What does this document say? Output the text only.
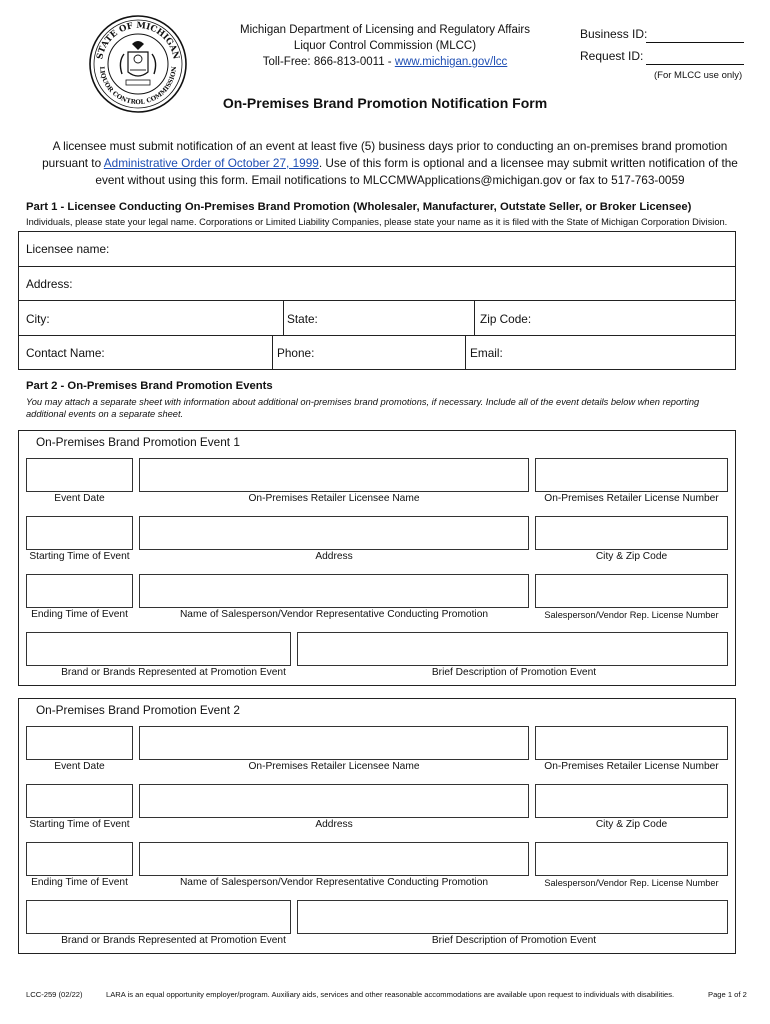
STATE OF MICHIGAN
LIQUOR CONTROL COMMISSION
Michigan Department of Licensing and Regulatory Affairs
Liquor Control Commission (MLCC)
Toll-Free: 866-813-0011 - www.michigan.gov/lcc
Business ID:
Request ID:
(For MLCC use only)
On-Premises Brand Promotion Notification Form
A licensee must submit notification of an event at least five (5) business days prior to conducting an on-premises brand promotion pursuant to Administrative Order of October 27, 1999. Use of this form is optional and a licensee may submit written notification of the event without using this form. Email notifications to MLCCMWApplications@michigan.gov or fax to 517-763-0059
Part 1 - Licensee Conducting On-Premises Brand Promotion (Wholesaler, Manufacturer, Outstate Seller, or Broker Licensee)
Individuals, please state your legal name. Corporations or Limited Liability Companies, please state your name as it is filed with the State of Michigan Corporation Division.
Licensee name:
Address:
City:	State:	Zip Code:
Contact Name:	Phone:	Email:
Part 2 - On-Premises Brand Promotion Events
You may attach a separate sheet with information about additional on-premises brand promotions, if necessary. Include all of the event details below when reporting additional events on a separate sheet.
On-Premises Brand Promotion Event 1
Event Date	On-Premises Retailer Licensee Name	On-Premises Retailer License Number
Starting Time of Event	Address	City & Zip Code
Ending Time of Event	Name of Salesperson/Vendor Representative Conducting Promotion	Salesperson/Vendor Rep. License Number
Brand or Brands Represented at Promotion Event	Brief Description of Promotion Event
On-Premises Brand Promotion Event 2
Event Date	On-Premises Retailer Licensee Name	On-Premises Retailer License Number
Starting Time of Event	Address	City & Zip Code
Ending Time of Event	Name of Salesperson/Vendor Representative Conducting Promotion	Salesperson/Vendor Rep. License Number
Brand or Brands Represented at Promotion Event	Brief Description of Promotion Event
LCC-259 (02/22)	LARA is an equal opportunity employer/program. Auxiliary aids, services and other reasonable accommodations are available upon request to individuals with disabilities.	Page 1 of 2
